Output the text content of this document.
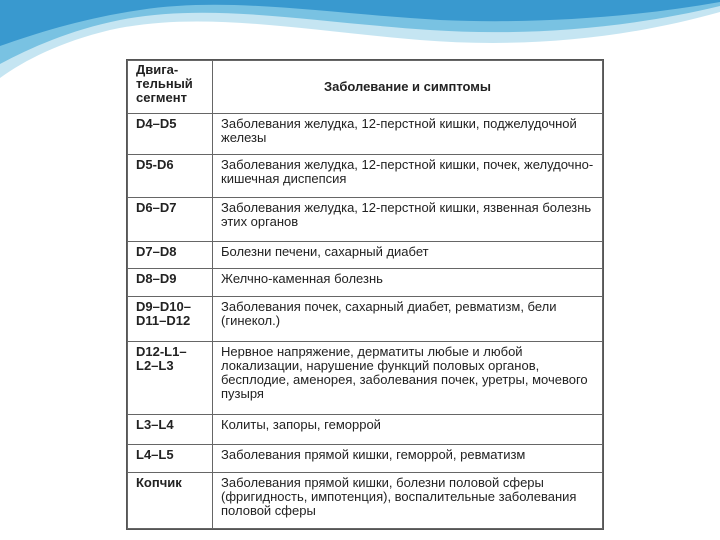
Двига-
тельный
сегмент	Заболевание и симптомы
D4–D5	Заболевания желудка, 12-перстной кишки, поджелудочной железы
D5-D6	Заболевания желудка, 12-перстной кишки, почек, желудочно-кишечная диспепсия
D6–D7	Заболевания желудка, 12-перстной кишки, язвенная болезнь этих органов
D7–D8	Болезни печени, сахарный диабет
D8–D9	Желчно-каменная болезнь
D9–D10–
D11–D12	Заболевания почек, сахарный диабет, ревматизм, бели (гинекол.)
D12-L1–
L2–L3	Нервное напряжение, дерматиты любые и любой локализации, нарушение функций половых органов, бесплодие, аменорея, заболевания почек, уретры, мочевого пузыря
L3–L4	Колиты, запоры, геморрой
L4–L5	Заболевания прямой кишки, геморрой, ревматизм
Копчик	Заболевания прямой кишки, болезни половой сферы (фригидность, импотенция), воспалительные заболевания половой сферы
